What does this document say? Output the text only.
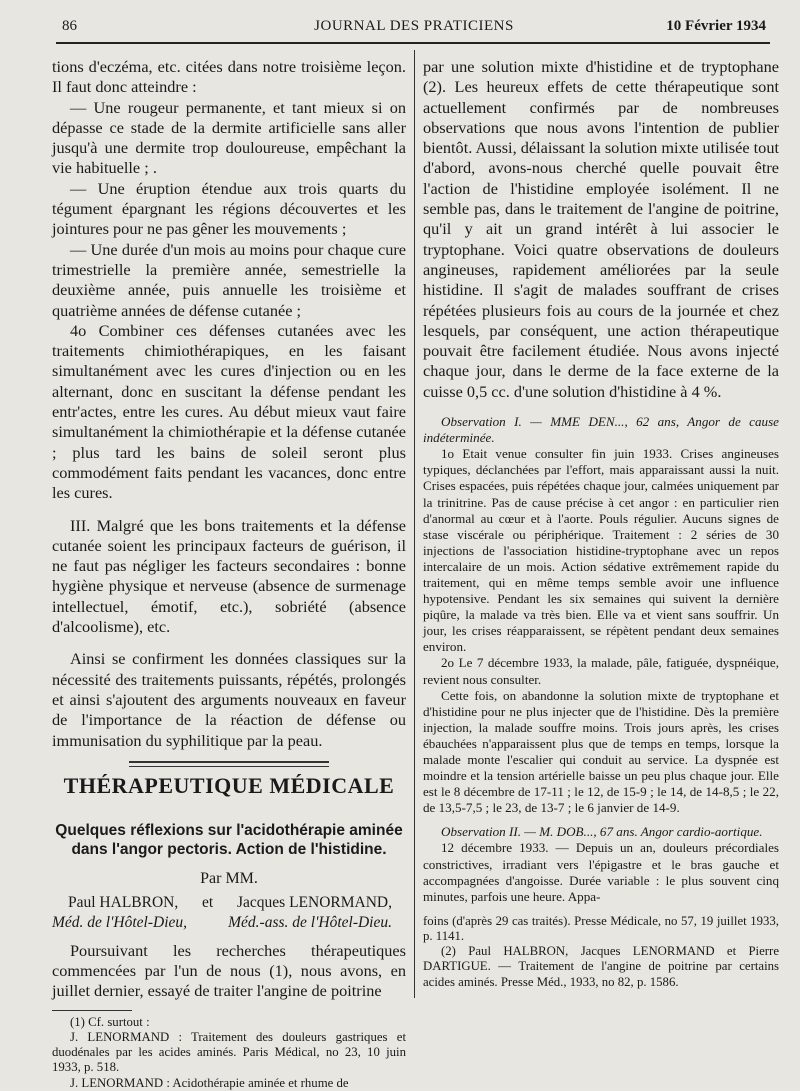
86	JOURNAL DES PRATICIENS	10 Février 1934

tions d'eczéma, etc. citées dans notre troisième leçon. Il faut donc atteindre :

— Une rougeur permanente, et tant mieux si on dépasse ce stade de la dermite artificielle sans aller jusqu'à une dermite trop douloureuse, empêchant la vie habituelle ; .

— Une éruption étendue aux trois quarts du tégument épargnant les régions découvertes et les jointures pour ne pas gêner les mouvements ;

— Une durée d'un mois au moins pour chaque cure trimestrielle la première année, semestrielle la deuxième année, puis annuelle les troisième et quatrième années de défense cutanée ;

4o Combiner ces défenses cutanées avec les traitements chimiothérapiques, en les faisant simultanément avec les cures d'injection ou en les alternant, donc en suscitant la défense pendant les entr'actes, entre les cures. Au début mieux vaut faire simultanément la chimiothérapie et la défense cutanée ; plus tard les bains de soleil seront plus commodément faits pendant les vacances, donc entre les cures.

III. Malgré que les bons traitements et la défense cutanée soient les principaux facteurs de guérison, il ne faut pas négliger les facteurs secondaires : bonne hygiène physique et nerveuse (absence de surmenage intellectuel, émotif, etc.), sobriété (absence d'alcoolisme), etc.

Ainsi se confirment les données classiques sur la nécessité des traitements puissants, répétés, prolongés et ainsi s'ajoutent des arguments nouveaux en faveur de l'importance de la réaction de défense ou immunisation du syphilitique par la peau.

THÉRAPEUTIQUE MÉDICALE
Quelques réflexions sur l'acidothérapie aminée dans l'angor pectoris. Action de l'histidine.
Par MM.
Paul HALBRON, et Jacques LENORMAND,
Méd. de l'Hôtel-Dieu,	Méd.-ass. de l'Hôtel-Dieu.

Poursuivant les recherches thérapeutiques commencées par l'un de nous (1), nous avons, en juillet dernier, essayé de traiter l'angine de poitrine

(1) Cf. surtout :

J. LENORMAND : Traitement des douleurs gastriques et duodénales par les acides aminés. Paris Médical, no 23, 10 juin 1933, p. 518.

J. LENORMAND : Acidothérapie aminée et rhume de

par une solution mixte d'histidine et de tryptophane (2). Les heureux effets de cette thérapeutique sont actuellement confirmés par de nombreuses observations que nous avons l'intention de publier bientôt. Aussi, délaissant la solution mixte utilisée tout d'abord, avons-nous cherché quelle pouvait être l'action de l'histidine employée isolément. Il ne semble pas, dans le traitement de l'angine de poitrine, qu'il y ait un grand intérêt à lui associer le tryptophane. Voici quatre observations de douleurs angineuses, rapidement améliorées par la seule histidine. Il s'agit de malades souffrant de crises répétées plusieurs fois au cours de la journée et chez lesquels, par conséquent, une action thérapeutique pouvait être facilement étudiée. Nous avons injecté chaque jour, dans le derme de la face externe de la cuisse 0,5 cc. d'une solution d'histidine à 4 %.

Observation I. — MME DEN..., 62 ans, Angor de cause indéterminée.

1o Etait venue consulter fin juin 1933. Crises angineuses typiques, déclanchées par l'effort, mais apparaissant aussi la nuit. Crises espacées, puis répétées chaque jour, calmées uniquement par la trinitrine. Pas de cause précise à cet angor : en particulier rien d'anormal au cœur et à l'aorte. Pouls régulier. Aucuns signes de stase viscérale ou périphérique. Traitement : 2 séries de 30 injections de l'association histidine-tryptophane avec un repos intercalaire de un mois. Action sédative extrêmement rapide du traitement, qui en même temps semble avoir une influence hypotensive. Pendant les six semaines qui suivent la dernière piqûre, la malade va très bien. Elle va et vient sans souffrir. Un jour, les crises réapparaissent, se répètent pendant deux semaines environ.

2o Le 7 décembre 1933, la malade, pâle, fatiguée, dyspnéique, revient nous consulter.

Cette fois, on abandonne la solution mixte de tryptophane et d'histidine pour ne plus injecter que de l'histidine. Dès la première injection, la malade souffre moins. Trois jours après, les crises ébauchées n'apparaissent plus que de temps en temps, lorsque la malade monte l'escalier qui conduit au service. La dyspnée est moindre et la tension artérielle baisse un peu plus chaque jour. Elle est le 8 décembre de 17-11 ; le 12, de 15-9 ; le 14, de 14-8,5 ; le 22, de 13,5-7,5 ; le 23, de 13-7 ; le 6 janvier de 14-9.

Observation II. — M. DOB..., 67 ans. Angor cardio-aortique.

12 décembre 1933. — Depuis un an, douleurs précordiales constrictives, irradiant vers l'épigastre et le bras gauche et accompagnées d'angoisse. Durée variable : le plus souvent cinq minutes, parfois une heure. Appa-

foins (d'après 29 cas traités). Presse Médicale, no 57, 19 juillet 1933, p. 1141.

(2) Paul HALBRON, Jacques LENORMAND et Pierre DARTIGUE. — Traitement de l'angine de poitrine par certains acides aminés. Presse Méd., 1933, no 82, p. 1586.
